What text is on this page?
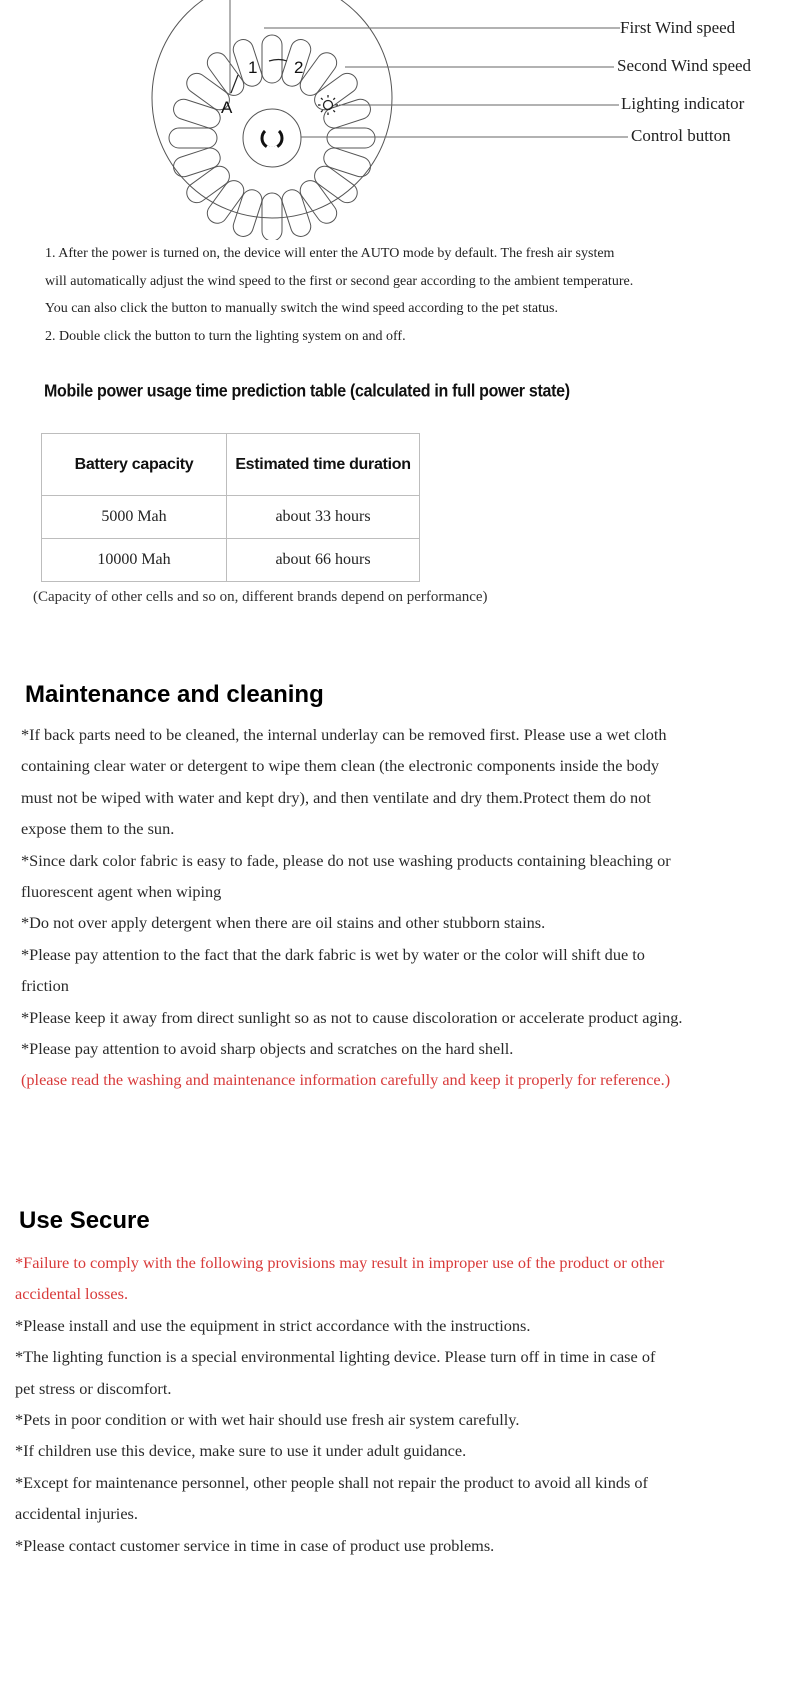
1 2
A
First Wind speed
Second Wind speed
Lighting indicator
Control button

1. After the power is turned on, the device will enter the AUTO mode by default. The fresh air system

will automatically adjust the wind speed to the first or second gear according to the ambient temperature.

You can also click the button to manually switch the wind speed according to the pet status.

2. Double click the button to turn the lighting system on and off.

Mobile power usage time prediction table (calculated in full power state)
Battery capacity	Estimated time duration
5000 Mah	about 33 hours
10000 Mah	about 66 hours
(Capacity of other cells and so on, different brands depend on performance)
Maintenance and cleaning

*If back parts need to be cleaned, the internal underlay can be removed first. Please use a wet cloth

containing clear water or detergent to wipe them clean (the electronic components inside the body

must not be wiped with water and kept dry), and then ventilate and dry them.Protect them do not

expose them to the sun.

*Since dark color fabric is easy to fade, please do not use washing products containing bleaching or

fluorescent agent when wiping

*Do not over apply detergent when there are oil stains and other stubborn stains.

*Please pay attention to the fact that the dark fabric is wet by water or the color will shift due to

friction

*Please keep it away from direct sunlight so as not to cause discoloration or accelerate product aging.

*Please pay attention to avoid sharp objects and scratches on the hard shell.

(please read the washing and maintenance information carefully and keep it properly for reference.)

Use Secure

*Failure to comply with the following provisions may result in improper use of the product or other

accidental losses.

*Please install and use the equipment in strict accordance with the instructions.

*The lighting function is a special environmental lighting device. Please turn off in time in case of

pet stress or discomfort.

*Pets in poor condition or with wet hair should use fresh air system carefully.

*If children use this device, make sure to use it under adult guidance.

*Except for maintenance personnel, other people shall not repair the product to avoid all kinds of

accidental injuries.

*Please contact customer service in time in case of product use problems.
